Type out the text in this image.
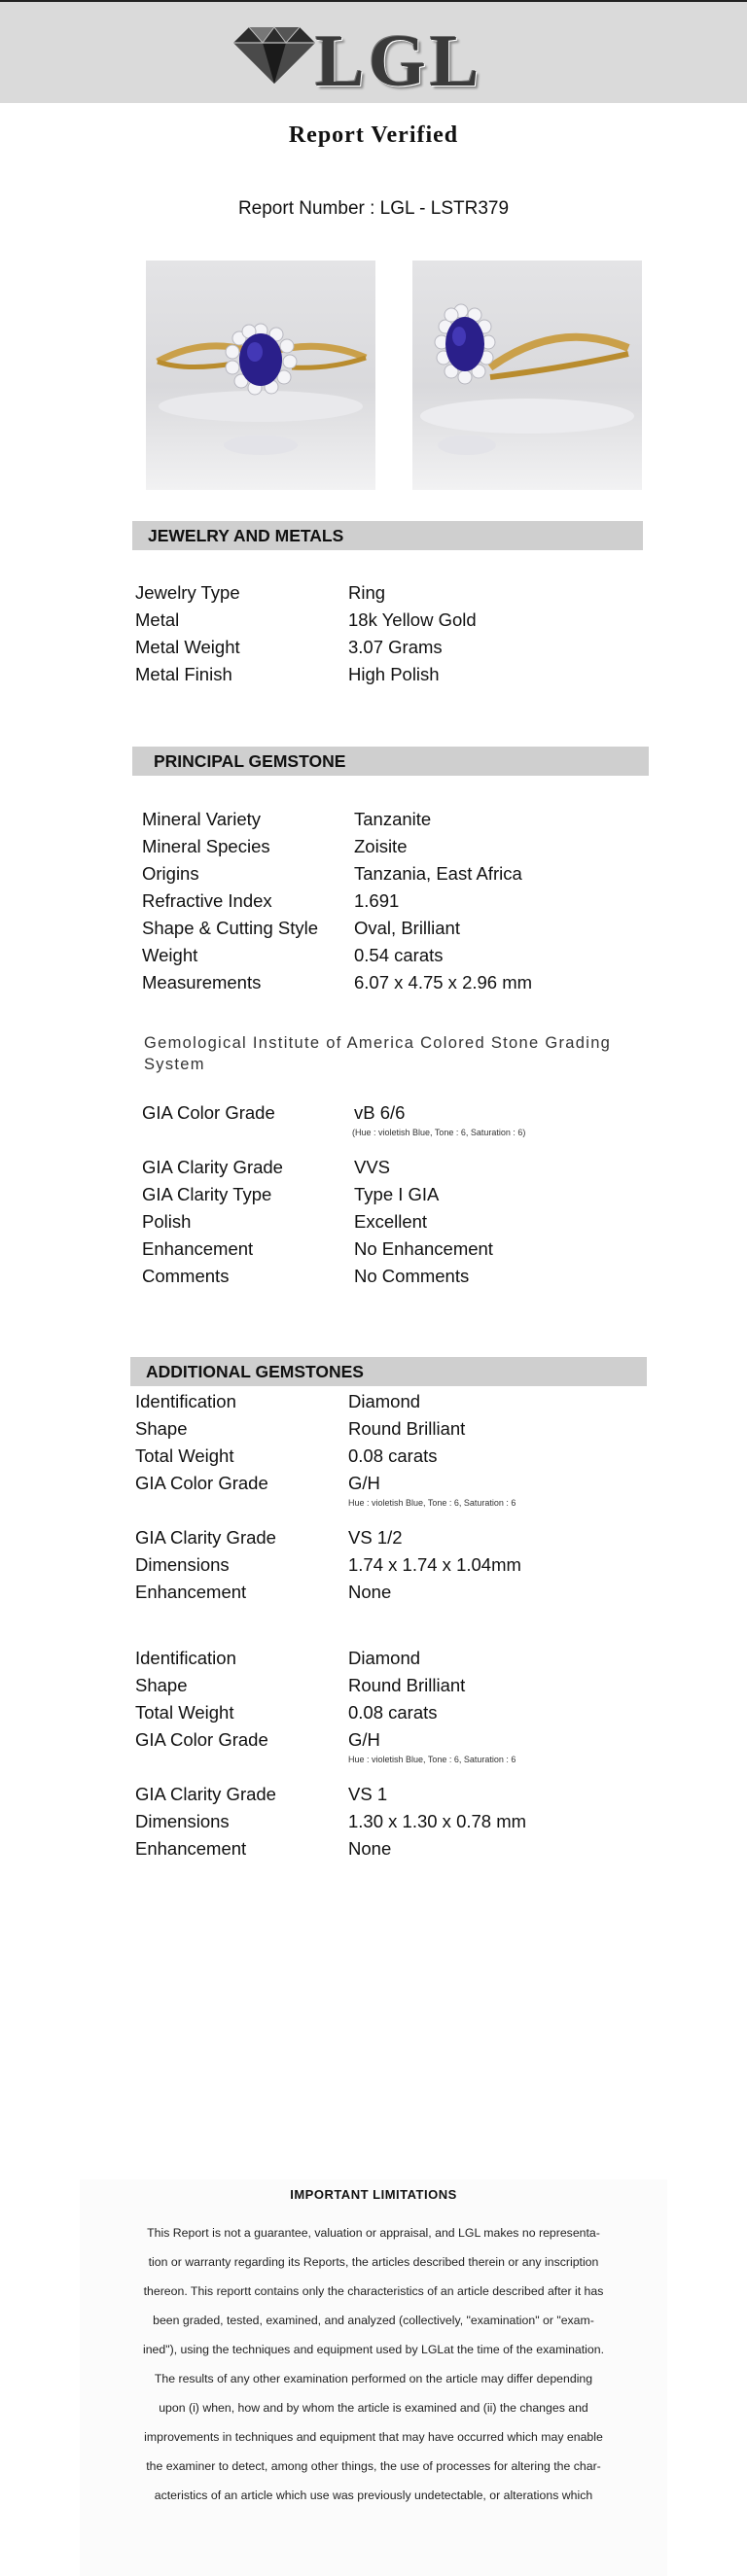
LGL
Report Verified
Report Number : LGL - LSTR379
JEWELRY AND METALS
Jewelry Type	Ring
Metal	18k Yellow Gold
Metal Weight	3.07 Grams
Metal Finish	High Polish
PRINCIPAL GEMSTONE
Mineral Variety	Tanzanite
Mineral Species	Zoisite
Origins	Tanzania, East Africa
Refractive Index	1.691
Shape & Cutting Style Oval, Brilliant
Weight	0.54 carats
Measurements	6.07 x 4.75 x 2.96 mm
Gemological Institute of America Colored Stone Grading System
GIA Color Grade	vB 6/6
(Hue : violetish Blue, Tone : 6, Saturation : 6)
GIA Clarity Grade	VVS
GIA Clarity Type	Type I GIA
Polish	Excellent
Enhancement	No Enhancement
Comments	No Comments
ADDITIONAL GEMSTONES
Identification	Diamond
Shape	Round Brilliant
Total Weight	0.08 carats
GIA Color Grade	G/H
Hue : violetish Blue, Tone : 6, Saturation : 6
GIA Clarity Grade	VS 1/2
Dimensions	1.74 x 1.74 x 1.04mm
Enhancement	None
Identification	Diamond
Shape	Round Brilliant
Total Weight	0.08 carats
GIA Color Grade	G/H
Hue : violetish Blue, Tone : 6, Saturation : 6
GIA Clarity Grade	VS 1
Dimensions	1.30 x 1.30 x 0.78 mm
Enhancement	None
IMPORTANT LIMITATIONS
This Report is not a guarantee, valuation or appraisal, and LGL makes no representa-
tion or warranty regarding its Reports, the articles described therein or any inscription
thereon. This reportt contains only the characteristics of an article described after it has
been graded, tested, examined, and analyzed (collectively, "examination" or "exam-
ined"), using the techniques and equipment used by LGLat the time of the examination.
The results of any other examination performed on the article may differ depending
upon (i) when, how and by whom the article is examined and (ii) the changes and
improvements in techniques and equipment that may have occurred which may enable
the examiner to detect, among other things, the use of processes for altering the char-
acteristics of an article which use was previously undetectable, or alterations which
